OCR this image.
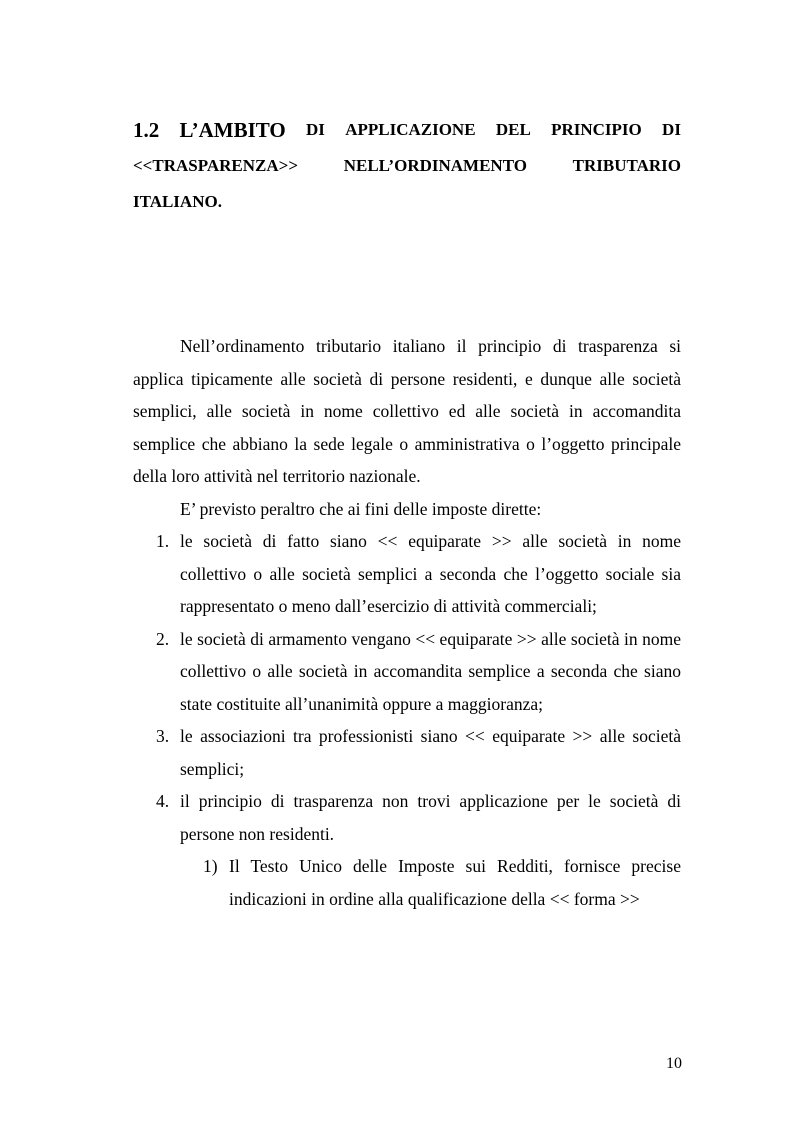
1.2 L’AMBITO DI APPLICAZIONE DEL PRINCIPIO DI
<<TRASPARENZA>>	NELL’ORDINAMENTO	TRIBUTARIO
ITALIANO.

Nell’ordinamento tributario italiano il principio di trasparenza si applica tipicamente alle società di persone residenti, e dunque alle società semplici, alle società in nome collettivo ed alle società in accomandita semplice che abbiano la sede legale o amministrativa o l’oggetto principale della loro attività nel territorio nazionale.

E’ previsto peraltro che ai fini delle imposte dirette:

1. le società di fatto siano << equiparate >> alle società in nome collettivo o alle società semplici a seconda che l’oggetto sociale sia rappresentato o meno dall’esercizio di attività commerciali;
2. le società di armamento vengano << equiparate >> alle società in nome collettivo o alle società in accomandita semplice a seconda che siano state costituite all’unanimità oppure a maggioranza;
3. le associazioni tra professionisti siano << equiparate >> alle società semplici;
4. il principio di trasparenza non trovi applicazione per le società di persone non residenti.
1) Il Testo Unico delle Imposte sui Redditi, fornisce precise indicazioni in ordine alla qualificazione della << forma >>
10
